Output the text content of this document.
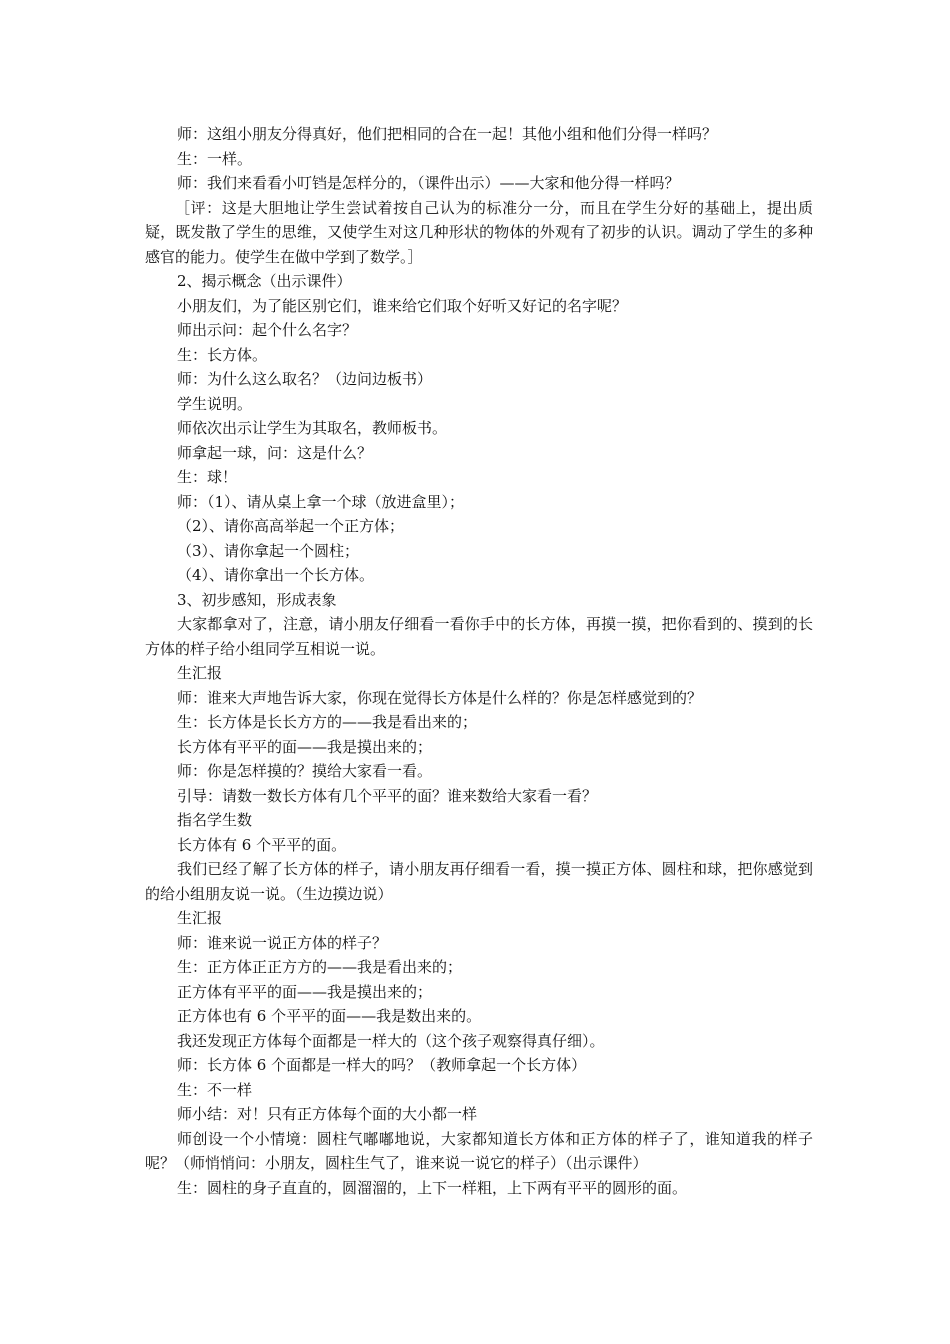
师：这组小朋友分得真好，他们把相同的合在一起！其他小组和他们分得一样吗？
生：一样。
师：我们来看看小叮铛是怎样分的，（课件出示）——大家和他分得一样吗？
［评：这是大胆地让学生尝试着按自己认为的标准分一分，而且在学生分好的基础上，提出质疑，既发散了学生的思维，又使学生对这几种形状的物体的外观有了初步的认识。调动了学生的多种感官的能力。使学生在做中学到了数学。］
2、揭示概念（出示课件）
小朋友们，为了能区别它们，谁来给它们取个好听又好记的名字呢？
师出示问：起个什么名字？
生：长方体。
师：为什么这么取名？（边问边板书）
学生说明。
师依次出示让学生为其取名，教师板书。
师拿起一球，问：这是什么？
生：球！
师：（1）、请从桌上拿一个球（放进盒里）；
（2）、请你高高举起一个正方体；
（3）、请你拿起一个圆柱；
（4）、请你拿出一个长方体。
3、初步感知，形成表象
大家都拿对了，注意，请小朋友仔细看一看你手中的长方体，再摸一摸，把你看到的、摸到的长方体的样子给小组同学互相说一说。
生汇报
师：谁来大声地告诉大家，你现在觉得长方体是什么样的？你是怎样感觉到的？
生：长方体是长长方方的——我是看出来的；
长方体有平平的面——我是摸出来的；
师：你是怎样摸的？摸给大家看一看。
引导：请数一数长方体有几个平平的面？谁来数给大家看一看？
指名学生数
长方体有 6 个平平的面。
我们已经了解了长方体的样子，请小朋友再仔细看一看，摸一摸正方体、圆柱和球，把你感觉到的给小组朋友说一说。（生边摸边说）
生汇报
师：谁来说一说正方体的样子？
生：正方体正正方方的——我是看出来的；
正方体有平平的面——我是摸出来的；
正方体也有 6 个平平的面——我是数出来的。
我还发现正方体每个面都是一样大的（这个孩子观察得真仔细）。
师：长方体 6 个面都是一样大的吗？（教师拿起一个长方体）
生：不一样
师小结：对！只有正方体每个面的大小都一样
师创设一个小情境：圆柱气嘟嘟地说，大家都知道长方体和正方体的样子了，谁知道我的样子呢？（师悄悄问：小朋友，圆柱生气了，谁来说一说它的样子）（出示课件）
生：圆柱的身子直直的，圆溜溜的，上下一样粗，上下两有平平的圆形的面。
